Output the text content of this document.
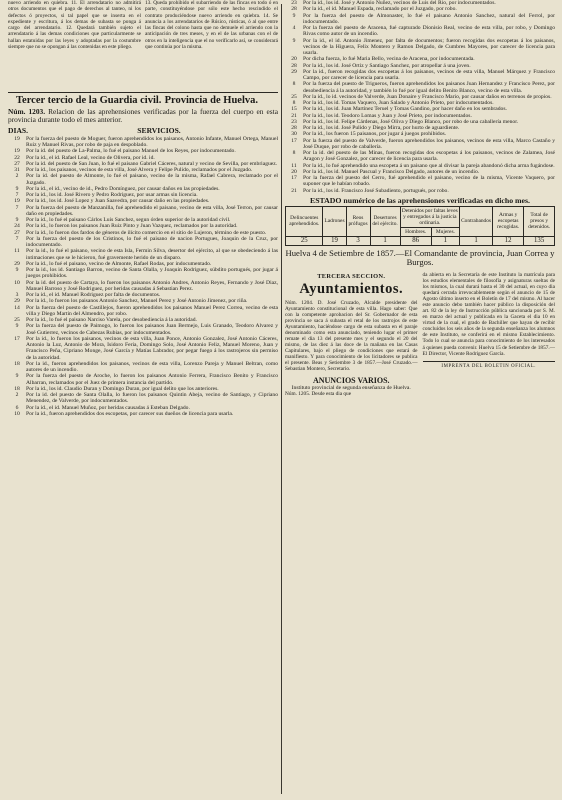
nuevo arriendo en quiebra. 11. El arrendatario no admitirá otros documentos que el pago de derechos al tanteo, ni los defectos ó proyectos, si tal papel que se inserta en el expediente y escritura, á los demas de subasta se ponga á cargo del arrendatario. 12. Quedará también sujeto el arrendatario á las demas condiciones que particularmente se hallan estatuidas por las leyes y adoptadas por la costumbre siempre que no se opongan á las contenidas en este pliego.

13. Queda prohibido el subarriendo de las fincas en todo ó en parte, constituyéndose por sólo este hecho rescindido el contrato produciéndose nuevo arriendo en quiebra. 14. Se anuncia a los arrendatarios de Rúsico, rústicas, ó al que entre las fincas del colono hasta que no demuele el arriendo con la anticipación de tres meses, y en el de las urbanas con el de otros en la inteligencia que el no verificarlo así, se considerará que continúa por la misma.

Tercer tercio de la Guardia civil. Provincia de Huelva.

Núm. 1203. Relacion de las aprehensiones verificadas por la fuerza del cuerpo en esta provincia durante todo el mes anterior.

DIAS.	SERVICIOS.
19	Por la fuerza del puesto de Moguer, fueron aprehendidos los paisanos, Antonio Infante, Manuel Ortega, Manuel Ruiz y Manuel Rivas, por robo de paja en despoblado.
19	Por la id. del puesto de La-Palma, lo fué el paisano Manuel de los Reyes, por indocumentado.
22	Por la id., el id. Rafael Leal, vecino de Olivera, por id. id.
27	Por la id. del puesto de San Juan, lo fué el paisano Gabriel Cáceres, natural y vecino de Sevilla, por embriaguez.
31	Por la id., los paisanos, vecinos de esta villa, José Alvera y Felipe Pulido, reclamados por el Juzgado.
2	Por la id. del puesto de Almonte, lo fué el paisano, vecino de la misma, Rafael Cabrera, reclamado por el Juzgado.
9	Por la id., el id., vecino de id., Pedro Domínguez, por causar daños en las propiedades.
7	Por la id., los id. José Rivero y Pedro Rodriguez, por usar armas sin licencia.
19	Por la id., los id. José Lopez y Juan Saavedra, por causar daño en las propiedades.
7	Por la fuerza del puesto de Manzanilla, fué aprehendido el paisano, vecino de esta villa, José Terron, por causar daño en propiedades.
9	Por la id., lo fué el paisano Cárlos Luis Sanchez, segun órden superior de la autoridad civil.
24	Por la id., lo fueron los paisanos Juan Ruiz Pinto y Juan Vazquez, reclamados por la autoridad.
27	Por la id., lo fueron dos fardos de géneros de ilícito comercio en el sitio de Lujeron, término de este puesto.
7	Por la fuerza del puesto de los Cristinos, lo fué el paisano de nacion Portugues, Joaquin de la Cruz, por indocumentado.
11	Por la id., lo fué el paisano, vecino de esta Isla, Fermin Silva, desertor del ejército, al que se obedeciendo á las intimaciones que se le hicieron, fué gravemente herido de un disparo.
29	Por la id., lo fué el paisano, vecino de Almonte, Rafael Rodas, por indocumentado.
9	Por la id., los id. Santiago Barron, vecino de Santa Olalla, y Joaquin Rodriguez, súbdito portugués, por jugar á juegos prohibidos.
10	Por la id. del puesto de Cartaya, lo fueron los paisanos Antonio Andres, Antonio Reyes, Fernando y José Diaz, Manuel Barroso y José Rodriguez, por heridas causadas á Sebastian Perez.
3	Por la id., el id. Manuel Rodriguez por falta de documentos.
29	Por la id., lo fueron los paisanos Antonio Sanchez, Manuel Perez y José Antonio Jimenez, por riña.
14	Por la fuerza del puesto de Castillejos, fueron aprehendidos los paisanos Manuel Perez Correa, vecino de esta villa y Diego Martin del Almendro, por robo.
25	Por la id., lo fué el paisano Narciso Varela, por desobediencia á la autoridad.
9	Por la fuerza del puesto de Paimogo, lo fueron los paisanos Juan Bermejo, Luis Granado, Teodoro Alvarez y José Gutierrez, vecinos de Cabezas Rubias, por indocumentados.
17	Por la id., lo fueron los paisanos, vecinos de esta villa, Juan Ponce, Antonio Gonzalez, José Antonio Cáceres, Antonio la Luz, Antonio de Mora, Isidoro Feria, Domingo Solo, José Antonio Feliz, Manuel Moreno, Juan y Francisco Peña, Cipriano Monge, José García y Matías Labrador, por pegar fuego á los rastrojeros sin permiso de la autoridad.
18	Por la id., fueron aprehendidos los paisanos, vecinos de esta villa, Lorenzo Pareja y Manuel Beltran, como autores de un incendio.
9	Por la fuerza del puesto de Aroche, lo fueron los paisanos Antonio Ferrera, Francisco Benito y Francisco Albarran, reclamados por el Juez de primera instancia del partido.
18	Por la id., los id. Claudio Duran y Domingo Duran, por igual delito que los anteriores.
2	Por la id. del puesto de Santa Olalla, lo fueron los paisanos Quintin Abeja, vecino de Santiago, y Cipriano Menendez, de Valverde, por indocumentados.
6	Por la id., el id. Manuel Muñoz, por heridas causadas á Esteban Delgado.
10	Por la id., fueron aprehendidos dos escopetas, por carecer sus dueños de licencia para usarla.
23	Por la id., los id. José y Antonio Nuñez, vecinos de Luis del Rio, por indocumentados.
28	Por la id., el id. Manuel Espada, reclamado por el Juzgado, por robo.
9	Por la fuerza del puesto de Almonaster, lo fué el paisano Antonio Sanchez, natural del Ferrol, por indocumentado.
4	Por la fuerza del puesto de Aracena, fué capturado Dionisio Real, vecino de esta villa, por robo, y Domingo Rivas como autor de un incendio.
9	Por la id., el id. Antonio Jimenez, por falta de documentos; fueron recogidas dos escopetas á los paisanos, vecinos de la Higuera, Felix Montero y Ramon Delgado, de Cumbres Mayores, por carecer de licencia para usarla.
20	Por dicha fuerza, lo fué Maria Bello, vecina de Aracena, por indocumentada.
28	Por la id., los id. José Ortiz y Santiago Sanchez, por atropellar á una joven.
29	Por la id., fueron recogidas dos escopetas á los paisanos, vecinos de esta villa, Manuel Márquez y Francisco Campo, por carecer de licencia para usarla.
8	Por la fuerza del puesto de Trigueros, fueron aprehendidos los paisanos Juan Hernandez y Francisco Perez, por desobediencia á la autoridad, y también lo fué por igual delito Benito Blanco, vecino de esta villa.
25	Por la id., lo id. vecinos de Valverde, Juan Donaire y Francisco Mario, por causar daños en terrenos de propios.
8	Por la id., los id. Tomas Vaquero, Juan Salado y Antonio Prieto, por indocumentados.
15	Por la id., los id. Juan Martinez Teruel y Tomas Gandino, por hacer daño en los sembrados.
21	Por la id., los id. Teodoro Lomas y Juan y José Prieto, por indocumentados.
23	Por la id., los id. Felipe Cárdenas, José Oliva y Diego Blanco, por robo de una caballería menor.
28	Por la id., los id. José Pulido y Diego Mirra, por hurto de aguardiente.
30	Por la id., los fueron 15 paisanos, por jugar á juegos prohibidos.
17	Por la fuerza del puesto de Valverde, fueron aprehendidos los paisanos, vecinos de esta villa, Marco Castaño y José Duque, por robo de caballería.
8	Por la id. del puesto de las Minas, fueron recogidas dos escopetas á los paisanos, vecinos de Zalamea, José Aragon y José Gonzalez, por carecer de licencia para usarla.
11	Por la id., lo fué aprehendido una escopeta á un paisano que al divisar la pareja abandonó dicha arma fugándose.
20	Por la id., los id. Manuel Pascual y Francisco Delgado, autores de un incendio.
17	Por la fuerza del puesto del Cerro, fué aprehendido el paisano, vecino de la misma, Vicente Vaquero, por suponer que le habían robado.
21	Por la id., los id. Francisco José Subadiento, portugués, por robo.
ESTADO numérico de las aprehensiones verificadas en dicho mes.
Delincuentes aprehendidos.	Ladrones	Reos prófugos	Desertores del ejército.	Detenidos por faltas leves y entregados á la justicia ordinaria.		Contrabandos	Armas y escopetas recogidas.	Total de presos y detenidos.
				Hombres.	Mujeres.			
25	19	3	1	86	1	1	12	135

Huelva 4 de Setiembre de 1857.—El Comandante de provincia, Juan Correa y Burgos.

TERCERA SECCION.
Ayuntamientos.

Núm. 1204. D. José Cruzado, Alcalde presidente del Ayuntamiento constitucional de esta villa. Hago saber: Que con la competente aprobacion del Sr. Gobernador de esta provincia se saca á subasta el retal de los rastrojos de este Ayuntamiento, haciéndose cargo de esta subasta en el paraje denominado como esta anunciado, teniendo lugar el primer remate el dia 13 del presente mes y el segundo el 20 del mismo, de las diez á las doce de la mañana en las Casas Capitulares, bajo el pliego de condiciones que estará de manifiesto. Y para conocimiento de los licitadores se publica el presente. Beas y Setiembre 3 de 1857.—José Cruzado.—Sebastian Montero, Secretario.

ANUNCIOS VARIOS.

Instituto provincial de segunda enseñanza de Huelva.

Núm. 1205. Desde esta dia que

da abierta en la Secretaría de este Instituto la matrícula para los estudios elementales de filosofía y asignaturas sueltas de los mismos, la cual durará hasta el 30 del actual, en cuyo dia quedará cerrada irrevocablemente según el anuncio de 15 de Agosto último inserto en el Boletín de 17 del mismo. Al hacer este anuncio debo también hacer público la disposición del art. 82 de la ley de Instrucción pública sancionada por S. M. en marzo del actual y publicada en la Gaceta el dia 10 en virtud de la cual, el grado de Bachiller que hayan de recibir concluidos los seis años de la segunda enseñanza los alumnos de este Instituto, se conferirá en el mismo Establecimiento. Todo lo cual se anuncia para conocimiento de los interesados á quienes pueda convenir. Huelva 15 de Setiembre de 1857.—El Director, Vicente Rodriguez García.

IMPRENTA DEL BOLETIN OFICIAL.
